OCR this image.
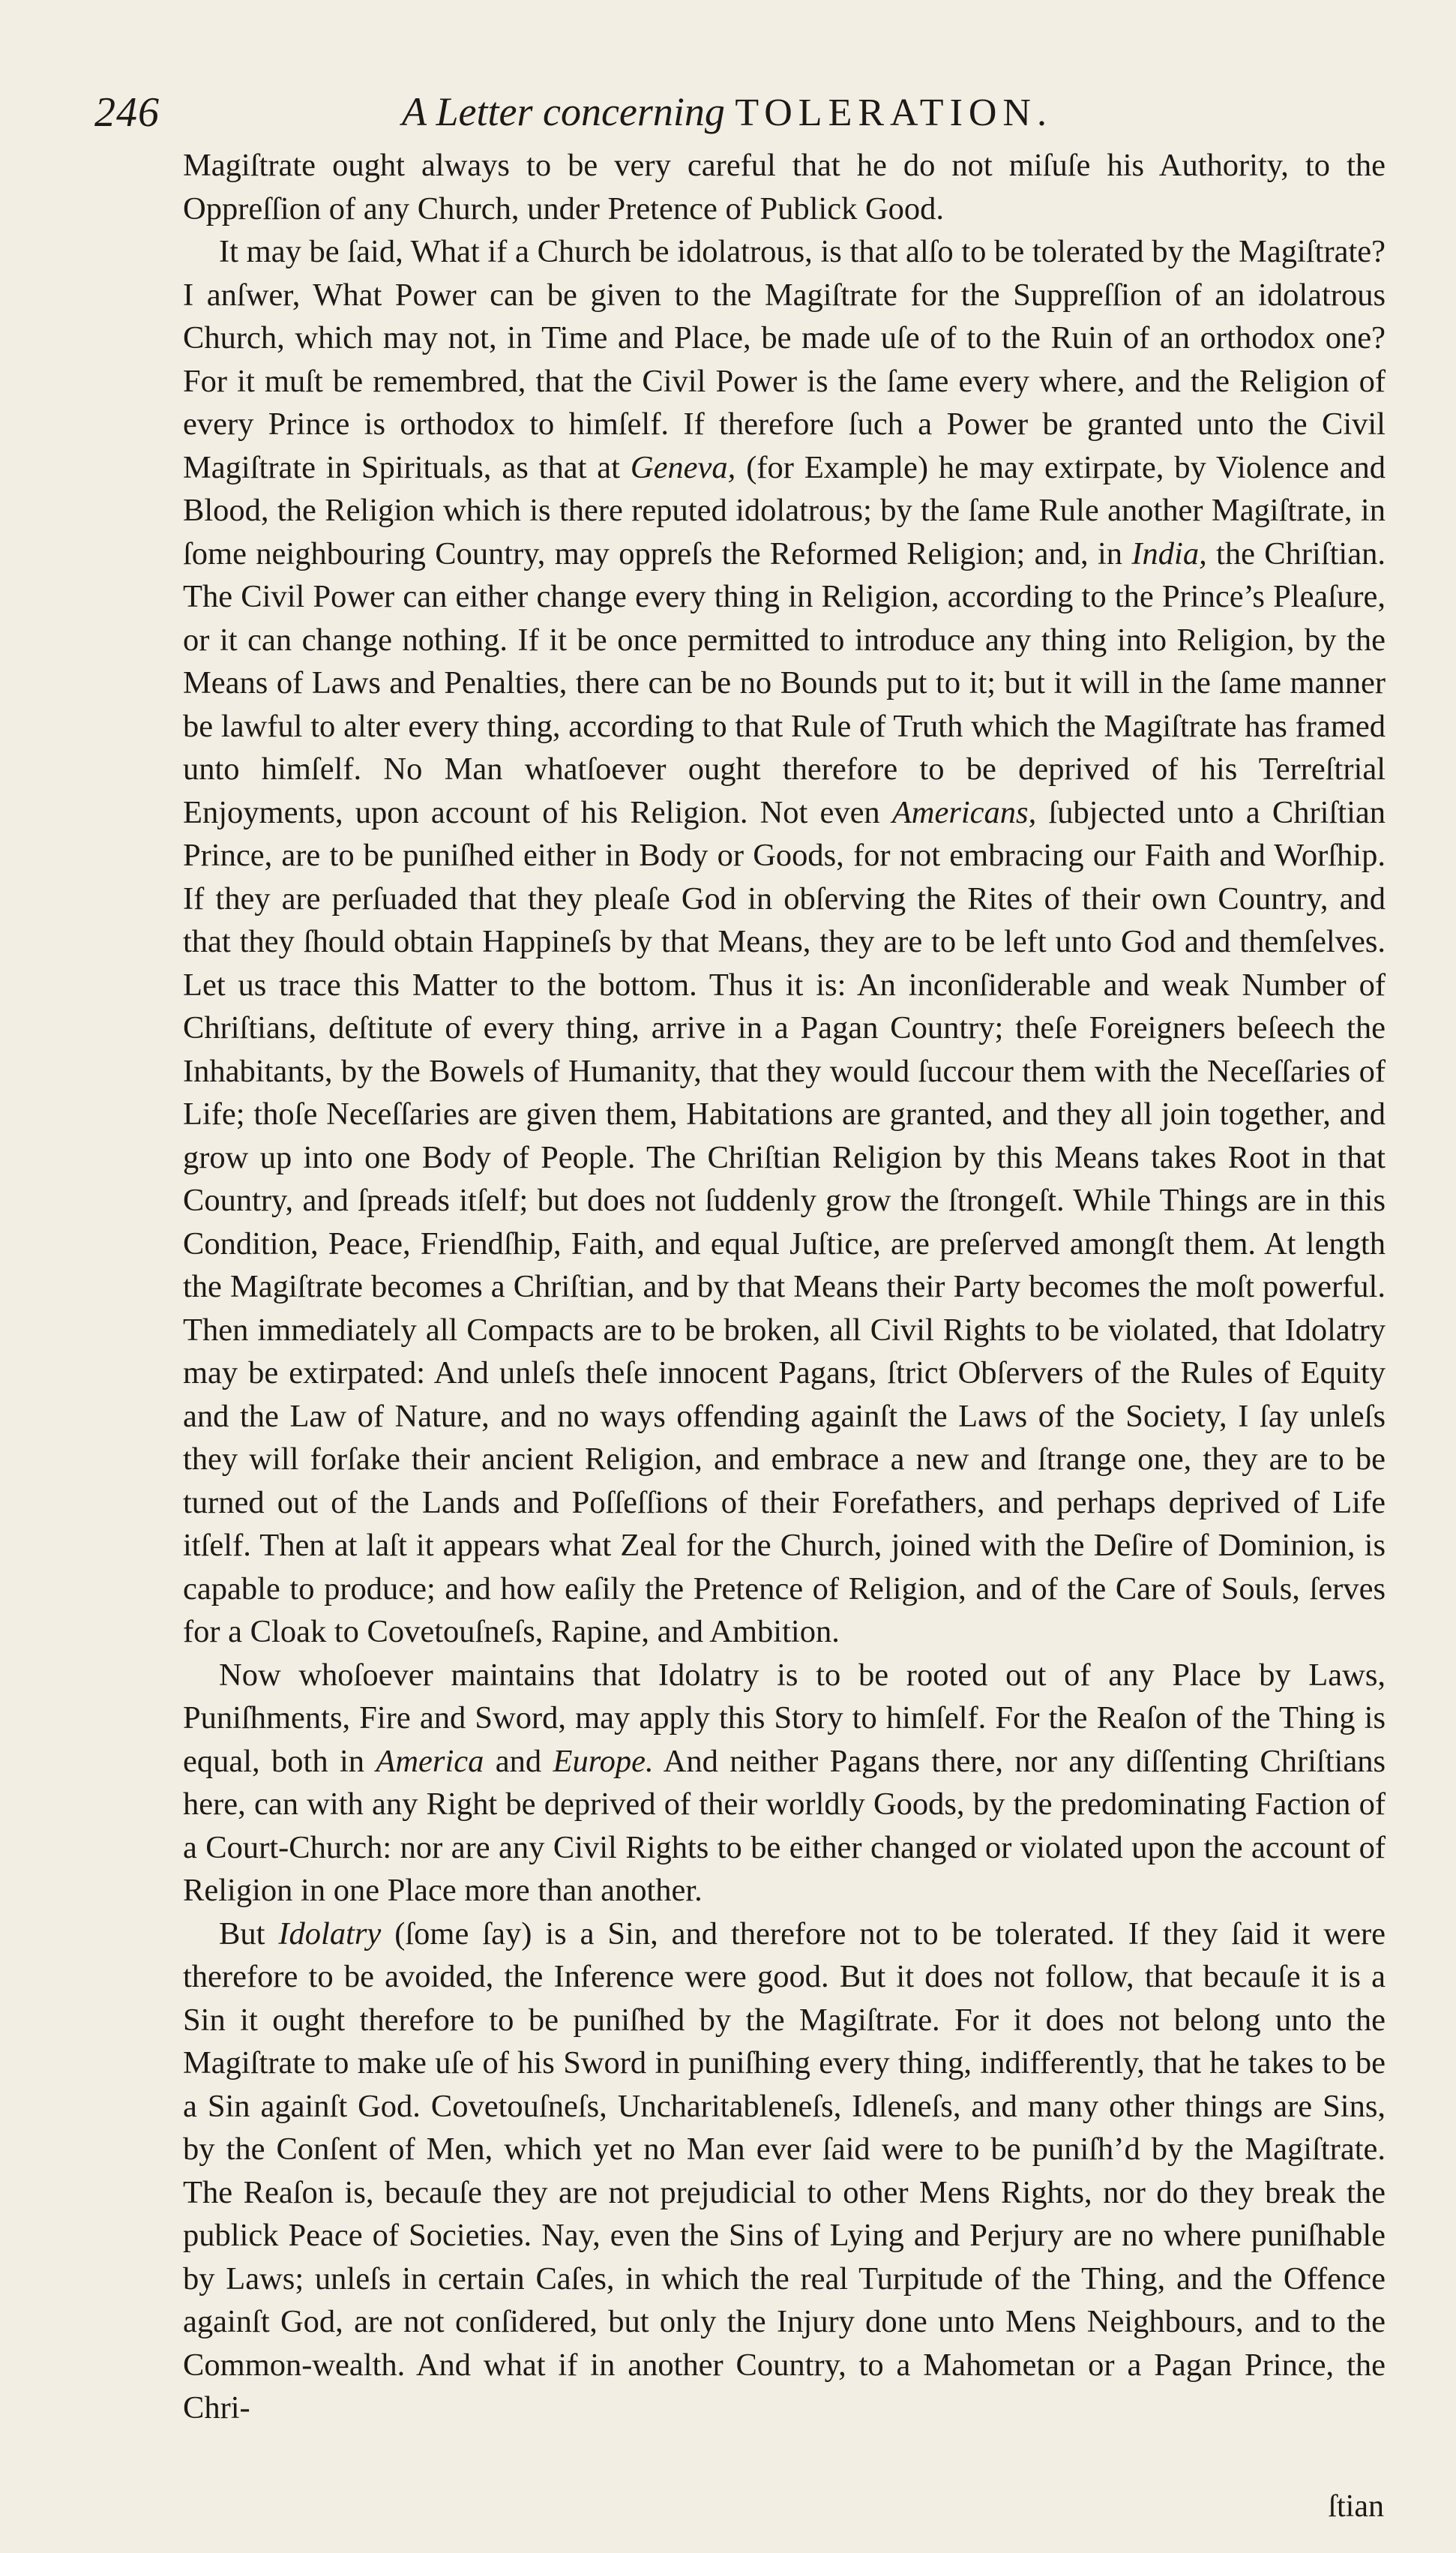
246	A Letter concerning TOLERATION.

Magiſtrate ought always to be very careful that he do not miſuſe his Authority, to the Oppreſſion of any Church, under Pretence of Publick Good.

It may be ſaid, What if a Church be idolatrous, is that alſo to be tolerated by the Magiſtrate? I anſwer, What Power can be given to the Magiſtrate for the Suppreſſion of an idolatrous Church, which may not, in Time and Place, be made uſe of to the Ruin of an orthodox one? For it muſt be remembred, that the Civil Power is the ſame every where, and the Religion of every Prince is orthodox to himſelf. If therefore ſuch a Power be granted unto the Civil Magiſtrate in Spirituals, as that at Geneva, (for Example) he may extirpate, by Violence and Blood, the Religion which is there reputed idolatrous; by the ſame Rule another Magiſtrate, in ſome neighbouring Country, may oppreſs the Reformed Religion; and, in India, the Chriſtian. The Civil Power can either change every thing in Religion, according to the Prince’s Pleaſure, or it can change nothing. If it be once permitted to introduce any thing into Religion, by the Means of Laws and Penalties, there can be no Bounds put to it; but it will in the ſame manner be lawful to alter every thing, according to that Rule of Truth which the Magiſtrate has framed unto himſelf. No Man whatſoever ought therefore to be deprived of his Terreſtrial Enjoyments, upon account of his Religion. Not even Americans, ſubjected unto a Chriſtian Prince, are to be puniſhed either in Body or Goods, for not embracing our Faith and Worſhip. If they are perſuaded that they pleaſe God in obſerving the Rites of their own Country, and that they ſhould obtain Happineſs by that Means, they are to be left unto God and themſelves. Let us trace this Matter to the bottom. Thus it is: An inconſiderable and weak Number of Chriſtians, deſtitute of every thing, arrive in a Pagan Country; theſe Foreigners beſeech the Inhabitants, by the Bowels of Humanity, that they would ſuccour them with the Neceſſaries of Life; thoſe Neceſſaries are given them, Habitations are granted, and they all join together, and grow up into one Body of People. The Chriſtian Religion by this Means takes Root in that Country, and ſpreads itſelf; but does not ſuddenly grow the ſtrongeſt. While Things are in this Condition, Peace, Friendſhip, Faith, and equal Juſtice, are preſerved amongſt them. At length the Magiſtrate becomes a Chriſtian, and by that Means their Party becomes the moſt powerful. Then immediately all Compacts are to be broken, all Civil Rights to be violated, that Idolatry may be extirpated: And unleſs theſe innocent Pagans, ſtrict Obſervers of the Rules of Equity and the Law of Nature, and no ways offending againſt the Laws of the Society, I ſay unleſs they will forſake their ancient Religion, and embrace a new and ſtrange one, they are to be turned out of the Lands and Poſſeſſions of their Forefathers, and perhaps deprived of Life itſelf. Then at laſt it appears what Zeal for the Church, joined with the Deſire of Dominion, is capable to produce; and how eaſily the Pretence of Religion, and of the Care of Souls, ſerves for a Cloak to Covetouſneſs, Rapine, and Ambition.

Now whoſoever maintains that Idolatry is to be rooted out of any Place by Laws, Puniſhments, Fire and Sword, may apply this Story to himſelf. For the Reaſon of the Thing is equal, both in America and Europe. And neither Pagans there, nor any diſſenting Chriſtians here, can with any Right be deprived of their worldly Goods, by the predominating Faction of a Court-Church: nor are any Civil Rights to be either changed or violated upon the account of Religion in one Place more than another.

But Idolatry (ſome ſay) is a Sin, and therefore not to be tolerated. If they ſaid it were therefore to be avoided, the Inference were good. But it does not follow, that becauſe it is a Sin it ought therefore to be puniſhed by the Magiſtrate. For it does not belong unto the Magiſtrate to make uſe of his Sword in puniſhing every thing, indifferently, that he takes to be a Sin againſt God. Covetouſneſs, Uncharitableneſs, Idleneſs, and many other things are Sins, by the Conſent of Men, which yet no Man ever ſaid were to be puniſh’d by the Magiſtrate. The Reaſon is, becauſe they are not prejudicial to other Mens Rights, nor do they break the publick Peace of Societies. Nay, even the Sins of Lying and Perjury are no where puniſhable by Laws; unleſs in certain Caſes, in which the real Turpitude of the Thing, and the Offence againſt God, are not conſidered, but only the Injury done unto Mens Neighbours, and to the Common-wealth. And what if in another Country, to a Mahometan or a Pagan Prince, the Chri-

ſtian
